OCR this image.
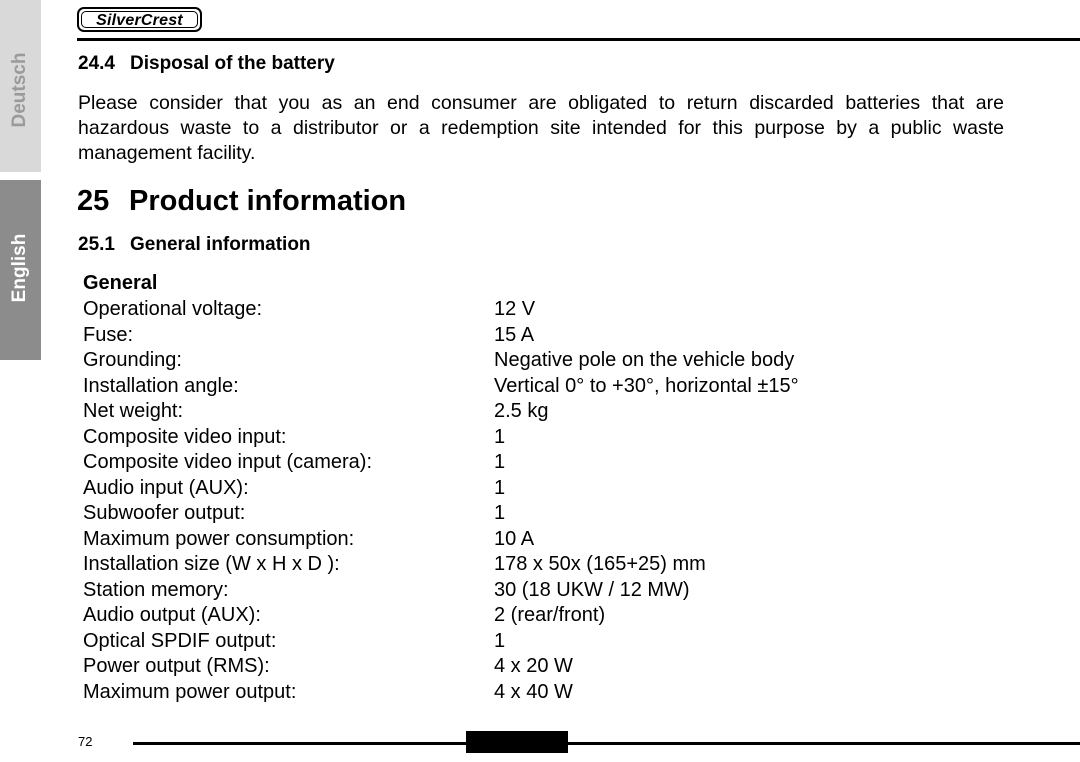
Deutsch
English
SilverCrest
24.4 Disposal of the battery
Please consider that you as an end consumer are obligated to return discarded batteries that are hazardous waste to a distributor or a redemption site intended for this purpose by a public waste management facility.
25 Product information
25.1 General information
General
Operational voltage:	12 V
Fuse:	15 A
Grounding:	Negative pole on the vehicle body
Installation angle:	Vertical 0° to +30°, horizontal ±15°
Net weight:	2.5 kg
Composite video input:	1
Composite video input (camera):	1
Audio input (AUX):	1
Subwoofer output:	1
Maximum power consumption:	10 A
Installation size (W x H x D ):	178 x 50x (165+25) mm
Station memory:	30 (18 UKW / 12 MW)
Audio output (AUX):	2 (rear/front)
Optical SPDIF output:	1
Power output (RMS):	4 x 20 W
Maximum power output:	4 x 40 W
72
